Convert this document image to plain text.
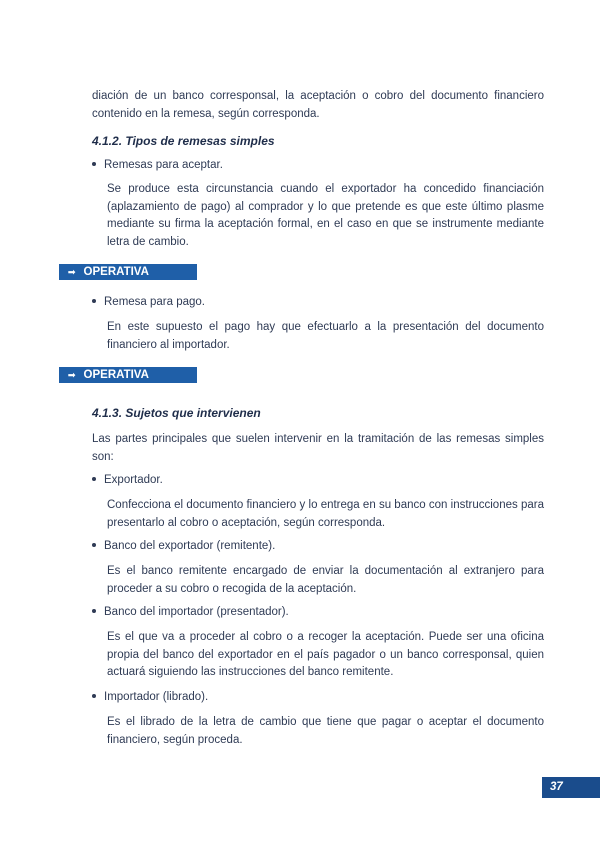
diación de un banco corresponsal, la aceptación o cobro del documento financiero contenido en la remesa, según corresponda.

4.1.2. Tipos de remesas simples

Remesas para aceptar.

Se produce esta circunstancia cuando el exportador ha concedido financiación (aplazamiento de pago) al comprador y lo que pretende es que este último plasme mediante su firma la aceptación formal, en el caso en que se instrumente mediante letra de cambio.

➟ OPERATIVA

Remesa para pago.

En este supuesto el pago hay que efectuarlo a la presentación del documento financiero al importador.

➟ OPERATIVA
4.1.3. Sujetos que intervienen

Las partes principales que suelen intervenir en la tramitación de las remesas simples son:

Exportador.

Confecciona el documento financiero y lo entrega en su banco con instrucciones para presentarlo al cobro o aceptación, según corresponda.

Banco del exportador (remitente).

Es el banco remitente encargado de enviar la documentación al extranjero para proceder a su cobro o recogida de la aceptación.

Banco del importador (presentador).

Es el que va a proceder al cobro o a recoger la aceptación. Puede ser una oficina propia del banco del exportador en el país pagador o un banco corresponsal, quien actuará siguiendo las instrucciones del banco remitente.

Importador (librado).

Es el librado de la letra de cambio que tiene que pagar o aceptar el documento financiero, según proceda.

37
